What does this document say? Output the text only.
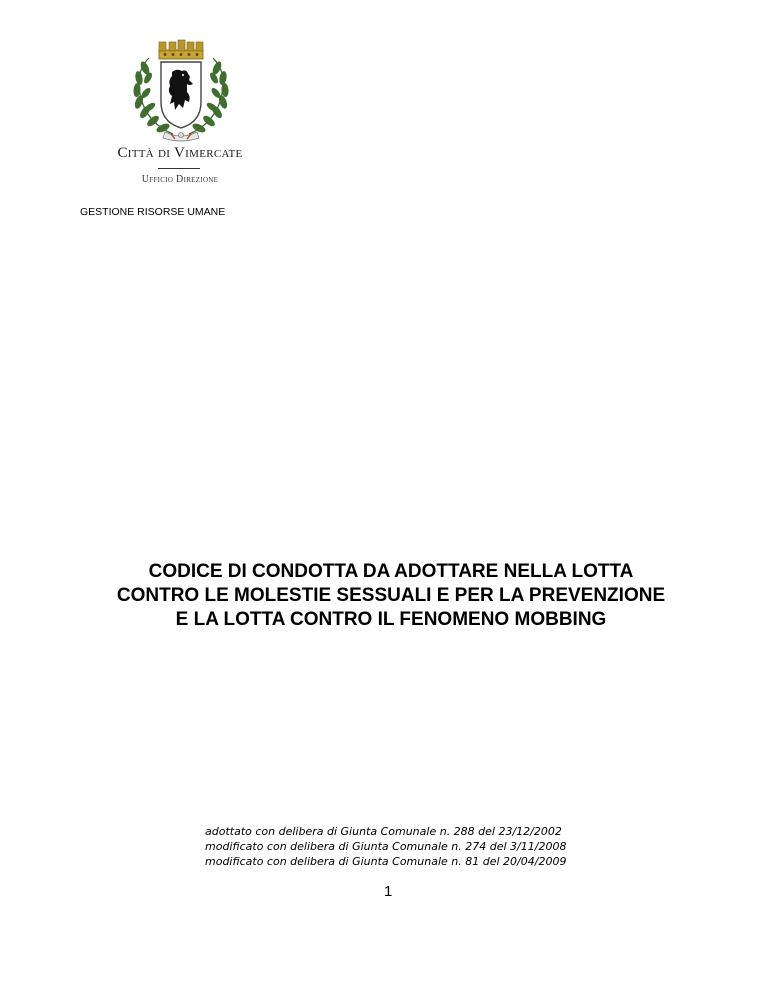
Città di Vimercate
Ufficio Direzione
GESTIONE RISORSE UMANE
CODICE DI CONDOTTA DA ADOTTARE NELLA LOTTA
CONTRO LE MOLESTIE SESSUALI E PER LA PREVENZIONE
E LA LOTTA CONTRO IL FENOMENO MOBBING
adottato con delibera di Giunta Comunale n. 288 del 23/12/2002
modificato con delibera di Giunta Comunale n. 274 del 3/11/2008
modificato con delibera di Giunta Comunale n. 81 del 20/04/2009
1
